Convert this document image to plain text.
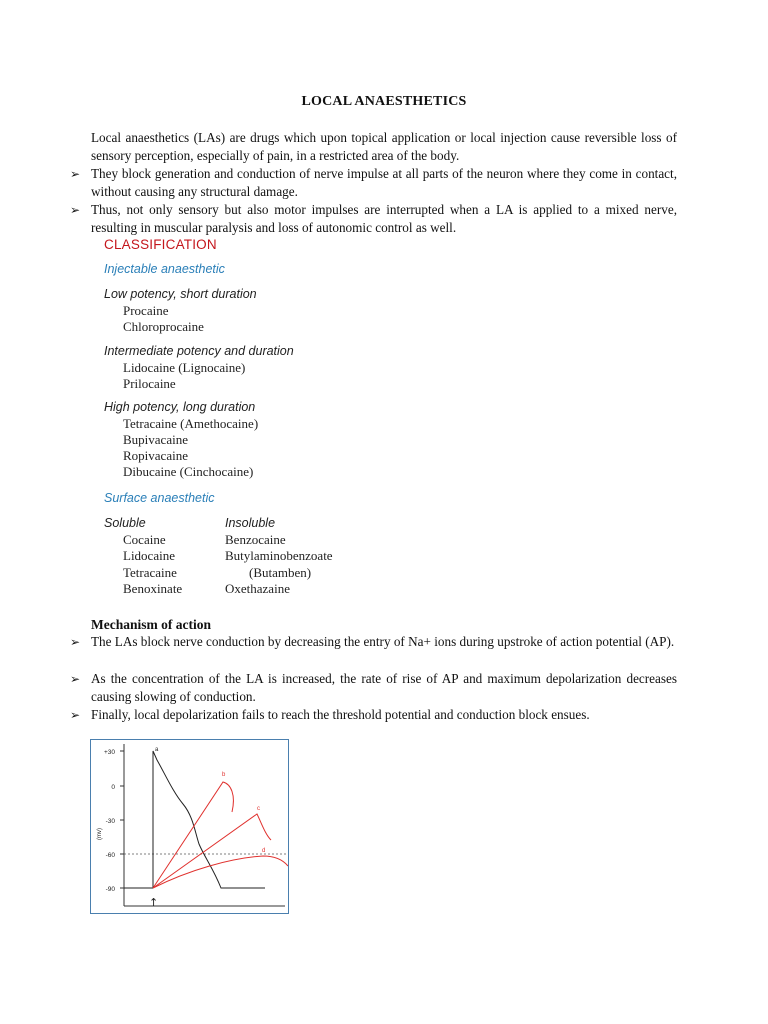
LOCAL ANAESTHETICS
Local anaesthetics (LAs) are drugs which upon topical application or local injection cause reversible loss of sensory perception, especially of pain, in a restricted area of the body.
➢ They block generation and conduction of nerve impulse at all parts of the neuron where they come in contact, without causing any structural damage.
➢ Thus, not only sensory but also motor impulses are interrupted when a LA is applied to a mixed nerve, resulting in muscular paralysis and loss of autonomic control as well.
CLASSIFICATION
Injectable anaesthetic
Low potency, short duration
Procaine
Chloroprocaine
Intermediate potency and duration
Lidocaine (Lignocaine)
Prilocaine
High potency, long duration
Tetracaine (Amethocaine)
Bupivacaine
Ropivacaine
Dibucaine (Cinchocaine)
Surface anaesthetic
Soluble	Insoluble
Cocaine
Lidocaine
Tetracaine
Benoxinate
Benzocaine
Butylaminobenzoate
(Butamben)
Oxethazaine
Mechanism of action
➢ The LAs block nerve conduction by decreasing the entry of Na+ ions during upstroke of action potential (AP).
➢ As the concentration of the LA is increased, the rate of rise of AP and maximum depolarization decreases causing slowing of conduction.
➢ Finally, local depolarization fails to reach the threshold potential and conduction block ensues.
+30
0
-30
-60
-90
(mv)
a
b
c
d
↑
